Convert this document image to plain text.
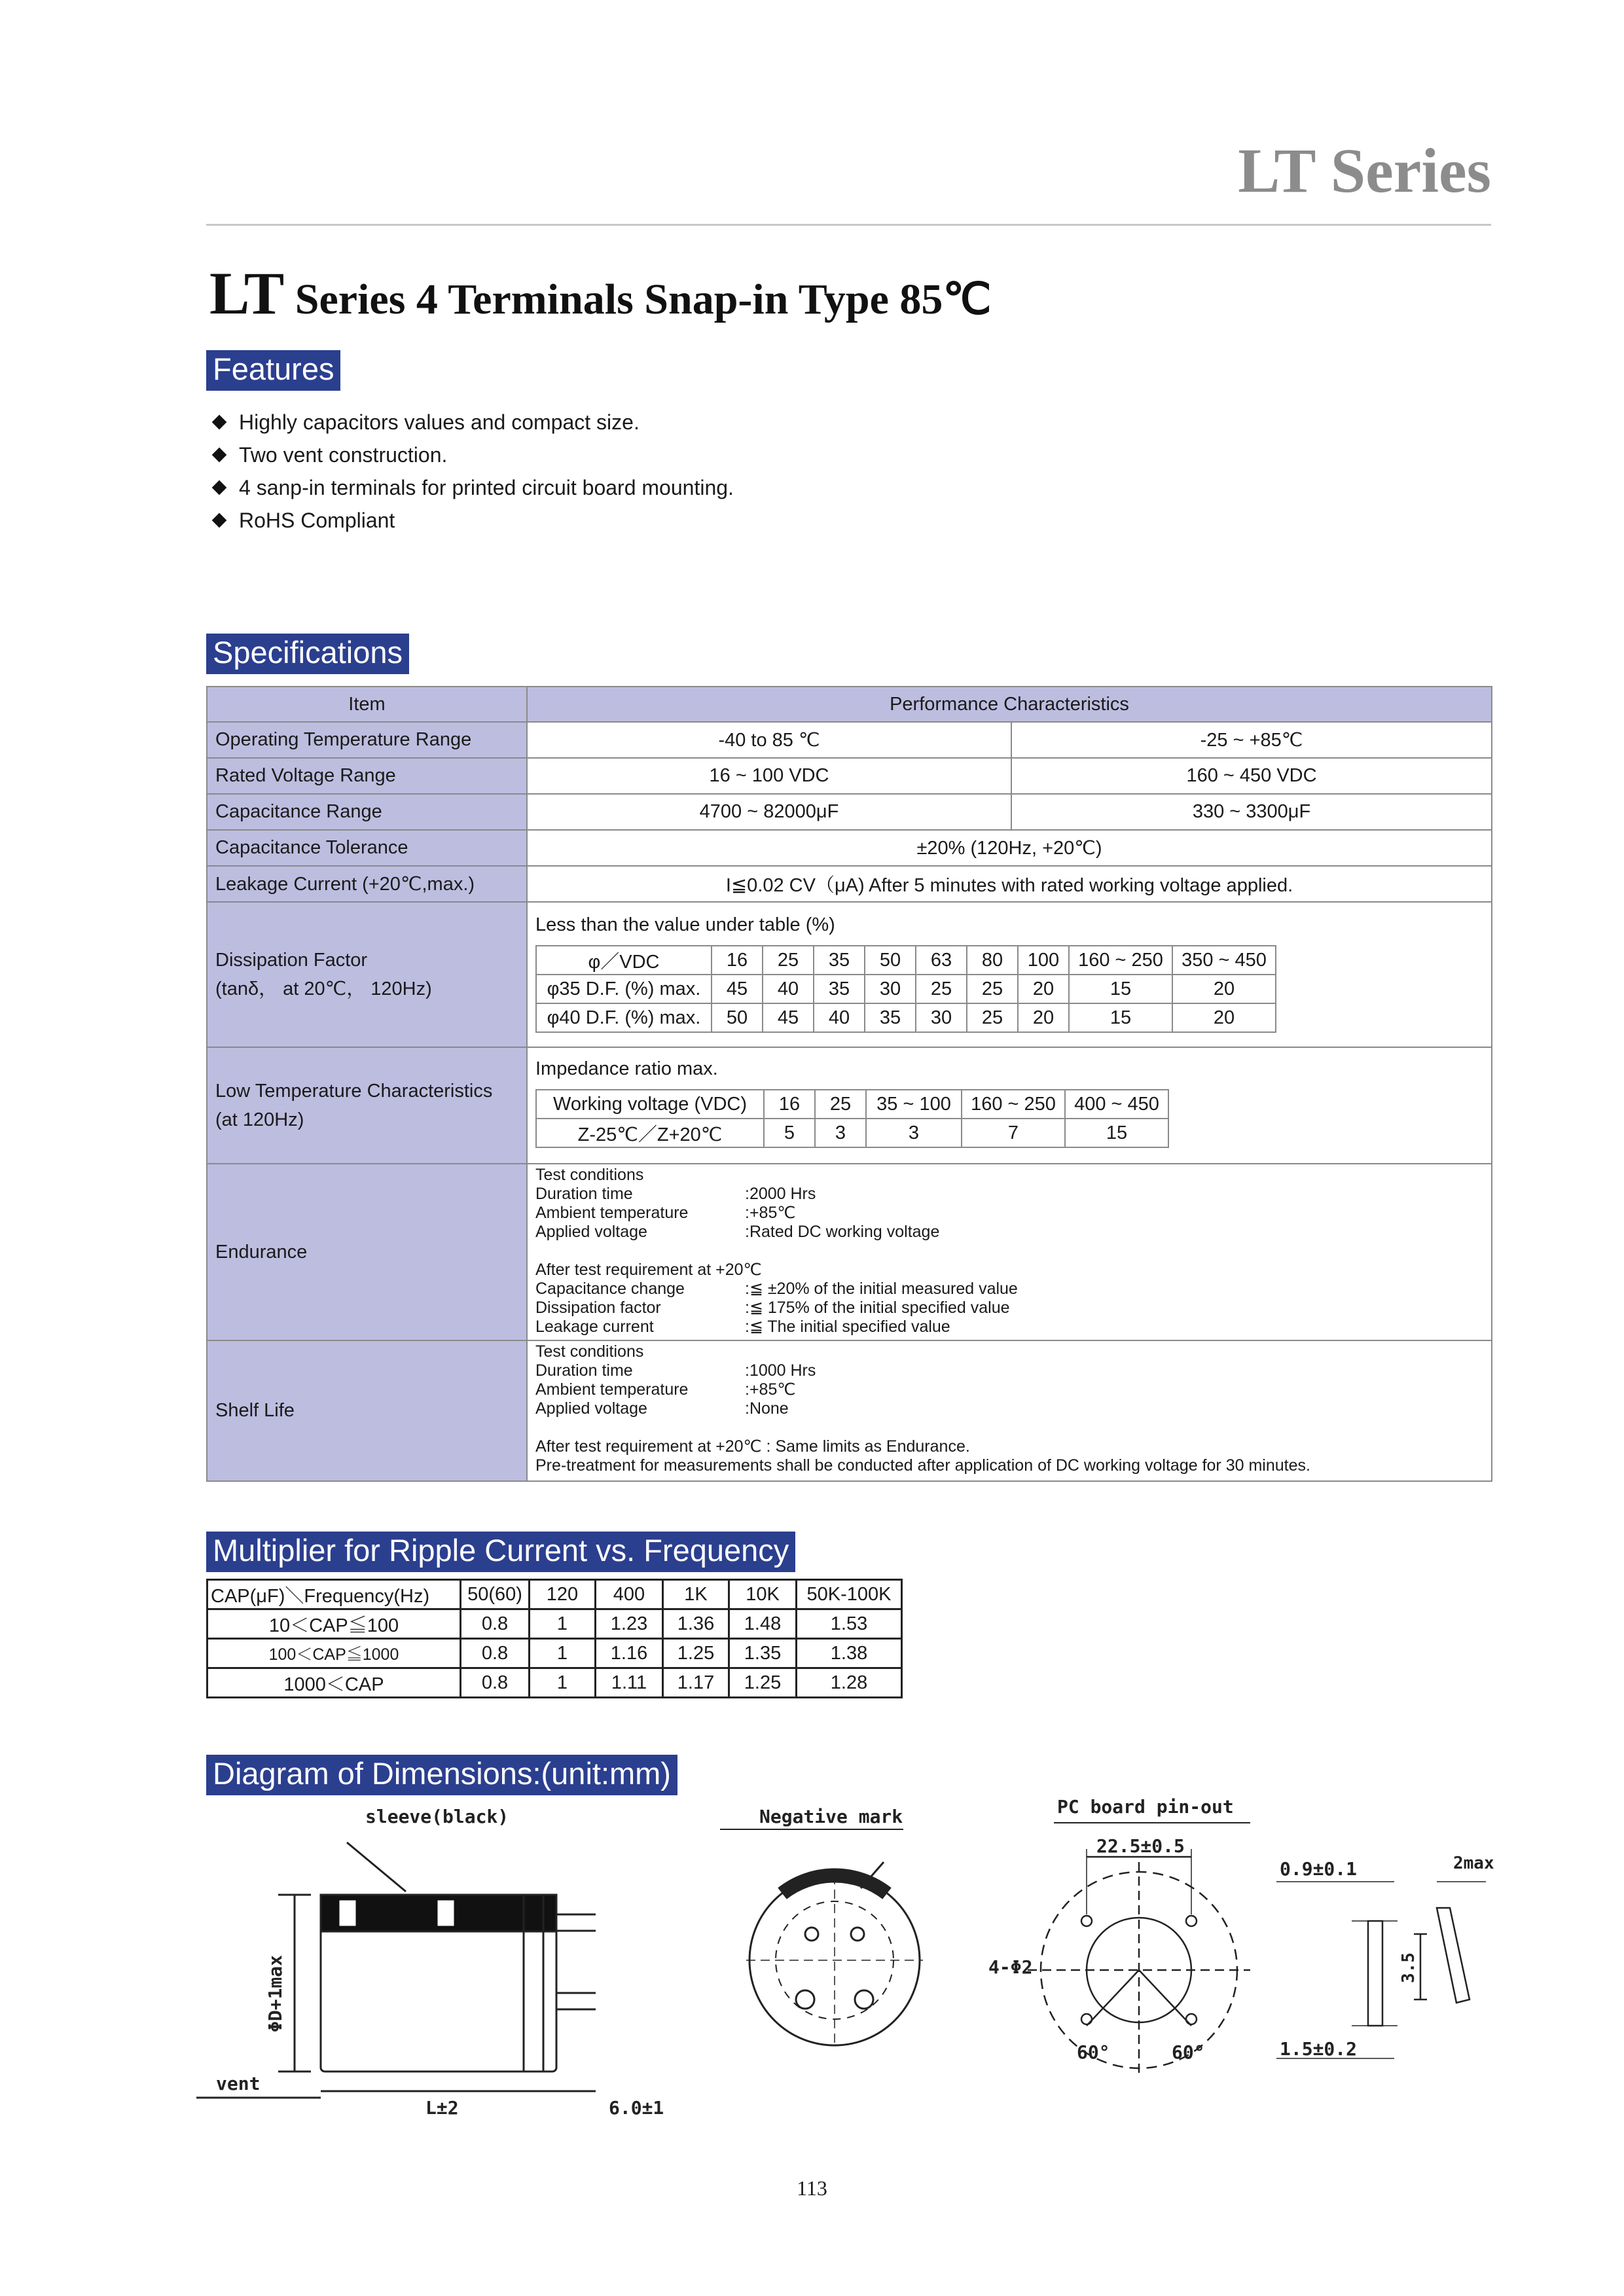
LT Series
LT Series 4 Terminals Snap-in Type 85℃
Features
Highly capacitors values and compact size.
Two vent construction.
4 sanp-in terminals for printed circuit board mounting.
RoHS Compliant
Specifications
Item	Performance Characteristics
Operating Temperature Range	-40 to 85 ℃	-25 ~ +85℃
Rated Voltage Range	16 ~ 100 VDC	160 ~ 450 VDC
Capacitance Range	4700 ~ 82000μF	330 ~ 3300μF
Capacitance Tolerance	±20% (120Hz, +20℃)
Leakage Current (+20℃,max.)	I≦0.02 CV（μA) After 5 minutes with rated working voltage applied.

Dissipation Factor
(tanδ， at 20℃， 120Hz)

Less than the value under table (%)
φ／VDC	16	25	35	50	63	80	100	160 ~ 250	350 ~ 450
φ35 D.F. (%) max.	45	40	35	30	25	25	20	15	20
φ40 D.F. (%) max.	50	45	40	35	30	25	20	15	20

Low Temperature Characteristics
(at 120Hz)

Impedance ratio max.
Working voltage (VDC)	16	25	35 ~ 100	160 ~ 250	400 ~ 450
Z-25℃／Z+20℃	5	3	3	7	15

Endurance	
Test conditions
Duration time	:2000 Hrs
Ambient temperature	:+85℃
Applied voltage	:Rated DC working voltage
After test requirement at +20℃
Capacitance change	:≦ ±20% of the initial measured value
Dissipation factor	:≦ 175% of the initial specified value
Leakage current	:≦ The initial specified value

Shelf Life	
Test conditions
Duration time	:1000 Hrs
Ambient temperature	:+85℃
Applied voltage	:None
After test requirement at +20℃ : Same limits as Endurance.
Pre-treatment for measurements shall be conducted after application of DC working voltage for 30 minutes.
Multiplier for Ripple Current vs. Frequency
CAP(μF)＼Frequency(Hz)	50(60)	120	400	1K	10K	50K-100K
10＜CAP≦100	0.8	1	1.23	1.36	1.48	1.53
100＜CAP≦1000	0.8	1	1.16	1.25	1.35	1.38
1000＜CAP	0.8	1	1.11	1.17	1.25	1.28
Diagram of Dimensions:(unit:mm)
sleeve(black)
vent
ΦD+1max
L±2	6.0±1
Negative mark	PC board pin-out
22.5±0.5
4-Φ2
60°	60°
0.9±0.1	2max
3.5
1.5±0.2
113
